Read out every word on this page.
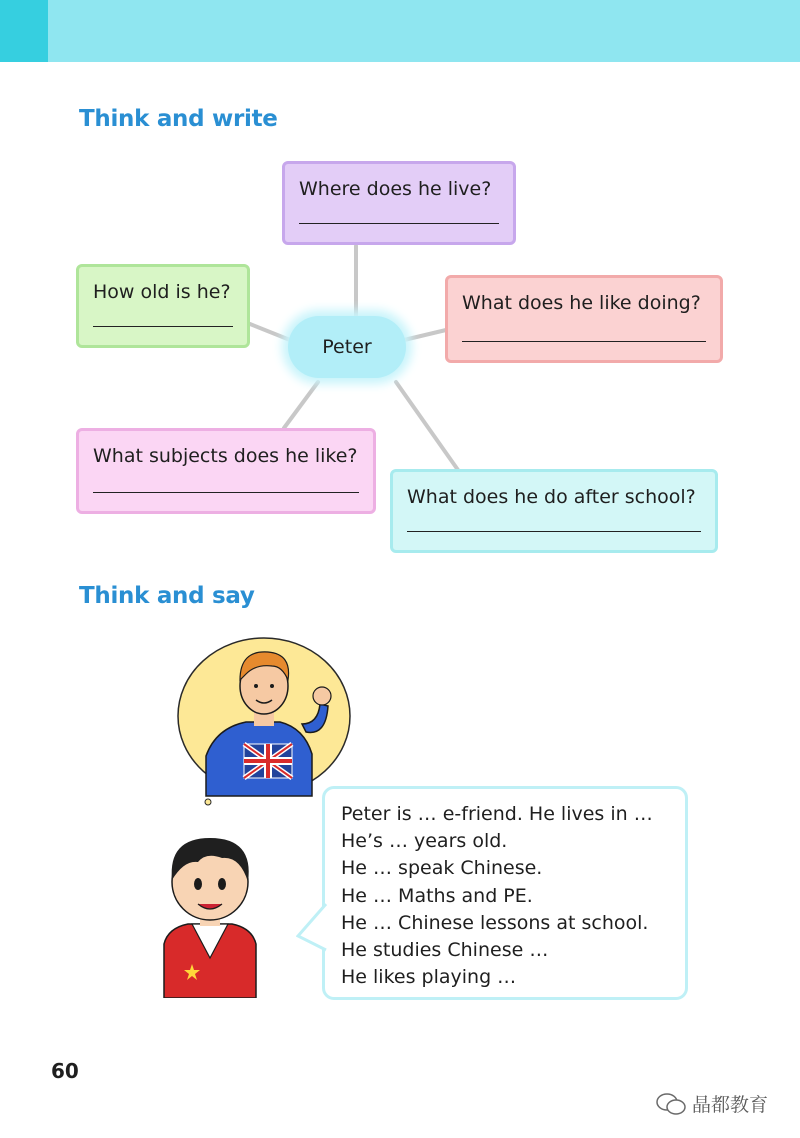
Think and write
Where does he live?
How old is he?	What does he like doing?
What subjects does he like?
What does he do after school?
Peter
Think and say
Peter is … e-friend. He lives in …
He’s … years old.
He … speak Chinese.
He … Maths and PE.
He … Chinese lessons at school.
He studies Chinese …
He likes playing …
60
晶都教育
